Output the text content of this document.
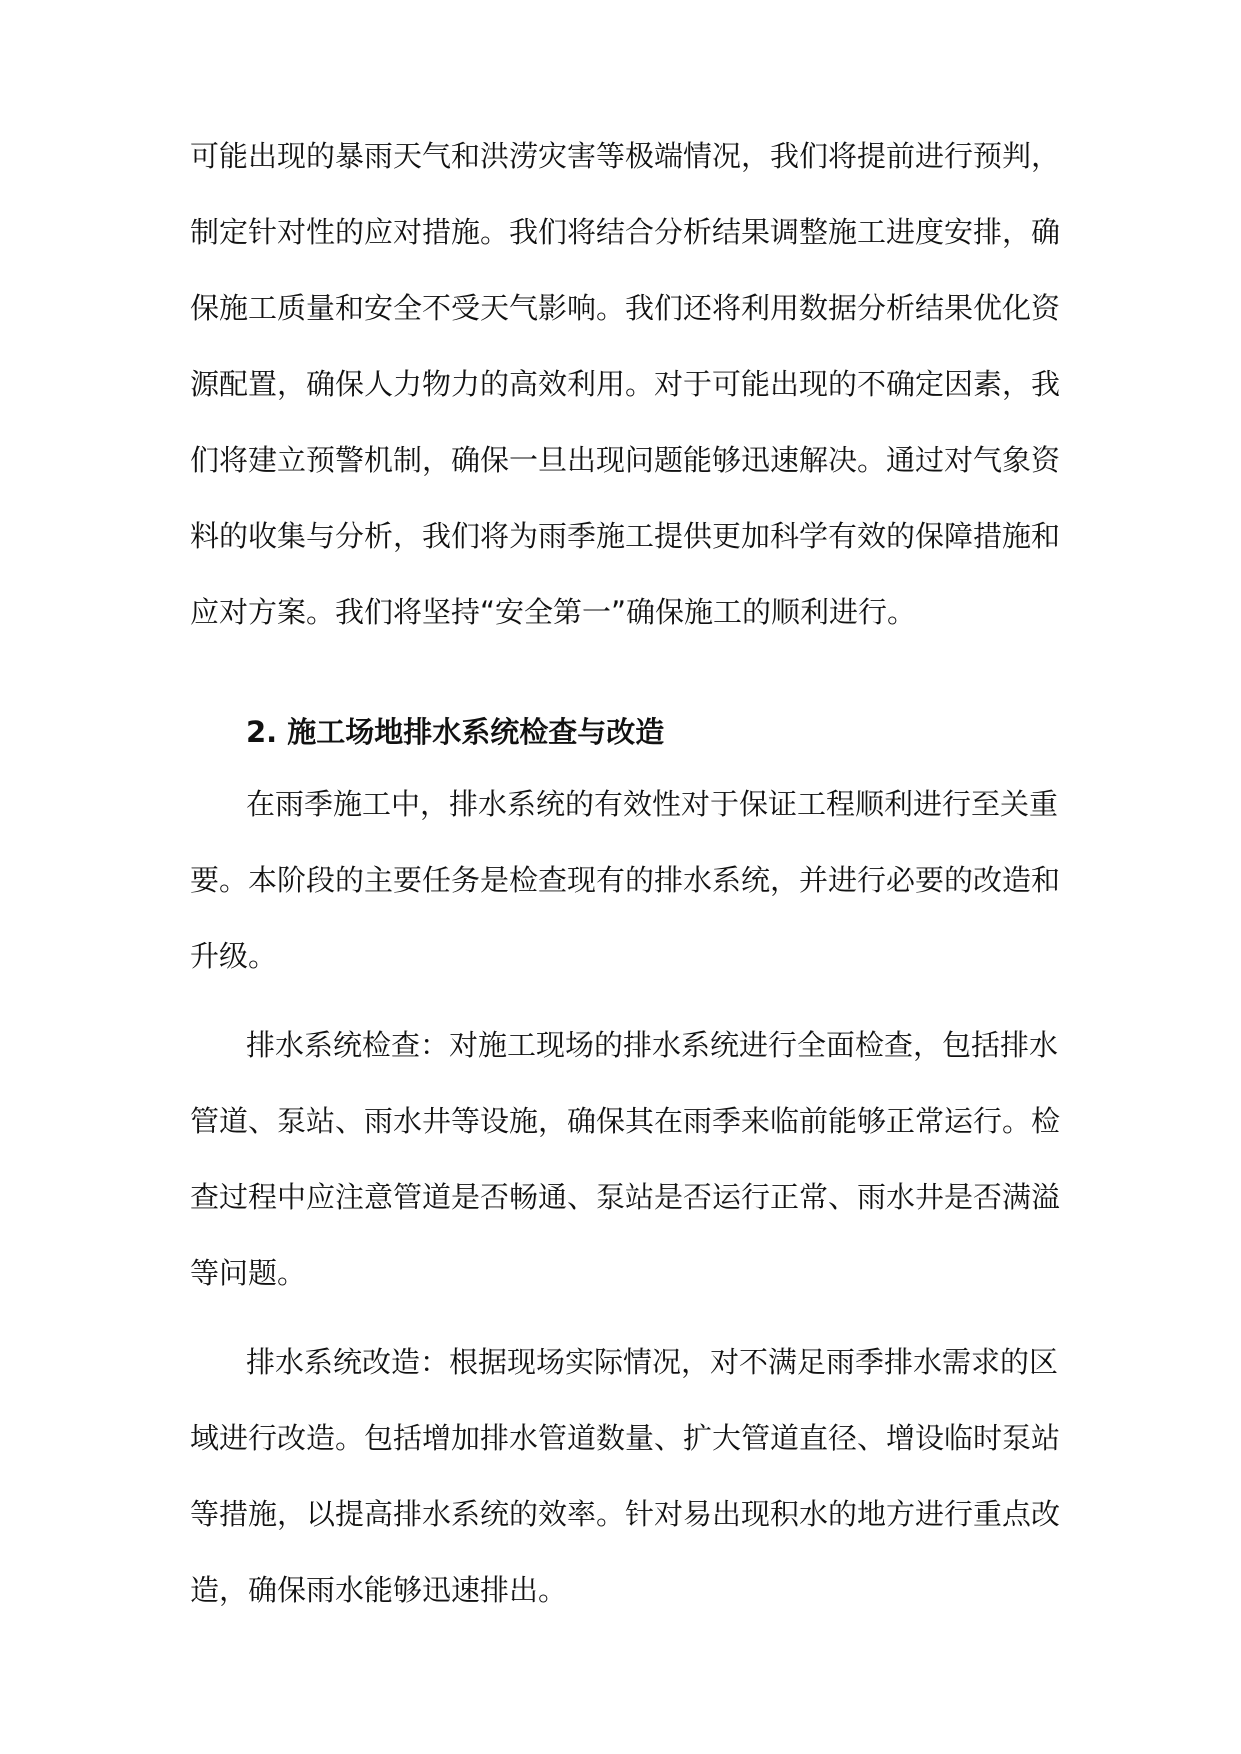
可能出现的暴雨天气和洪涝灾害等极端情况，我们将提前进行预判，
制定针对性的应对措施。我们将结合分析结果调整施工进度安排，确
保施工质量和安全不受天气影响。我们还将利用数据分析结果优化资
源配置，确保人力物力的高效利用。对于可能出现的不确定因素，我
们将建立预警机制，确保一旦出现问题能够迅速解决。通过对气象资
料的收集与分析，我们将为雨季施工提供更加科学有效的保障措施和
应对方案。我们将坚持“安全第一”确保施工的顺利进行。
2. 施工场地排水系统检查与改造
在雨季施工中，排水系统的有效性对于保证工程顺利进行至关重
要。本阶段的主要任务是检查现有的排水系统，并进行必要的改造和
升级。
排水系统检查：对施工现场的排水系统进行全面检查，包括排水
管道、泵站、雨水井等设施，确保其在雨季来临前能够正常运行。检
查过程中应注意管道是否畅通、泵站是否运行正常、雨水井是否满溢
等问题。
排水系统改造：根据现场实际情况，对不满足雨季排水需求的区
域进行改造。包括增加排水管道数量、扩大管道直径、增设临时泵站
等措施，以提高排水系统的效率。针对易出现积水的地方进行重点改
造，确保雨水能够迅速排出。
